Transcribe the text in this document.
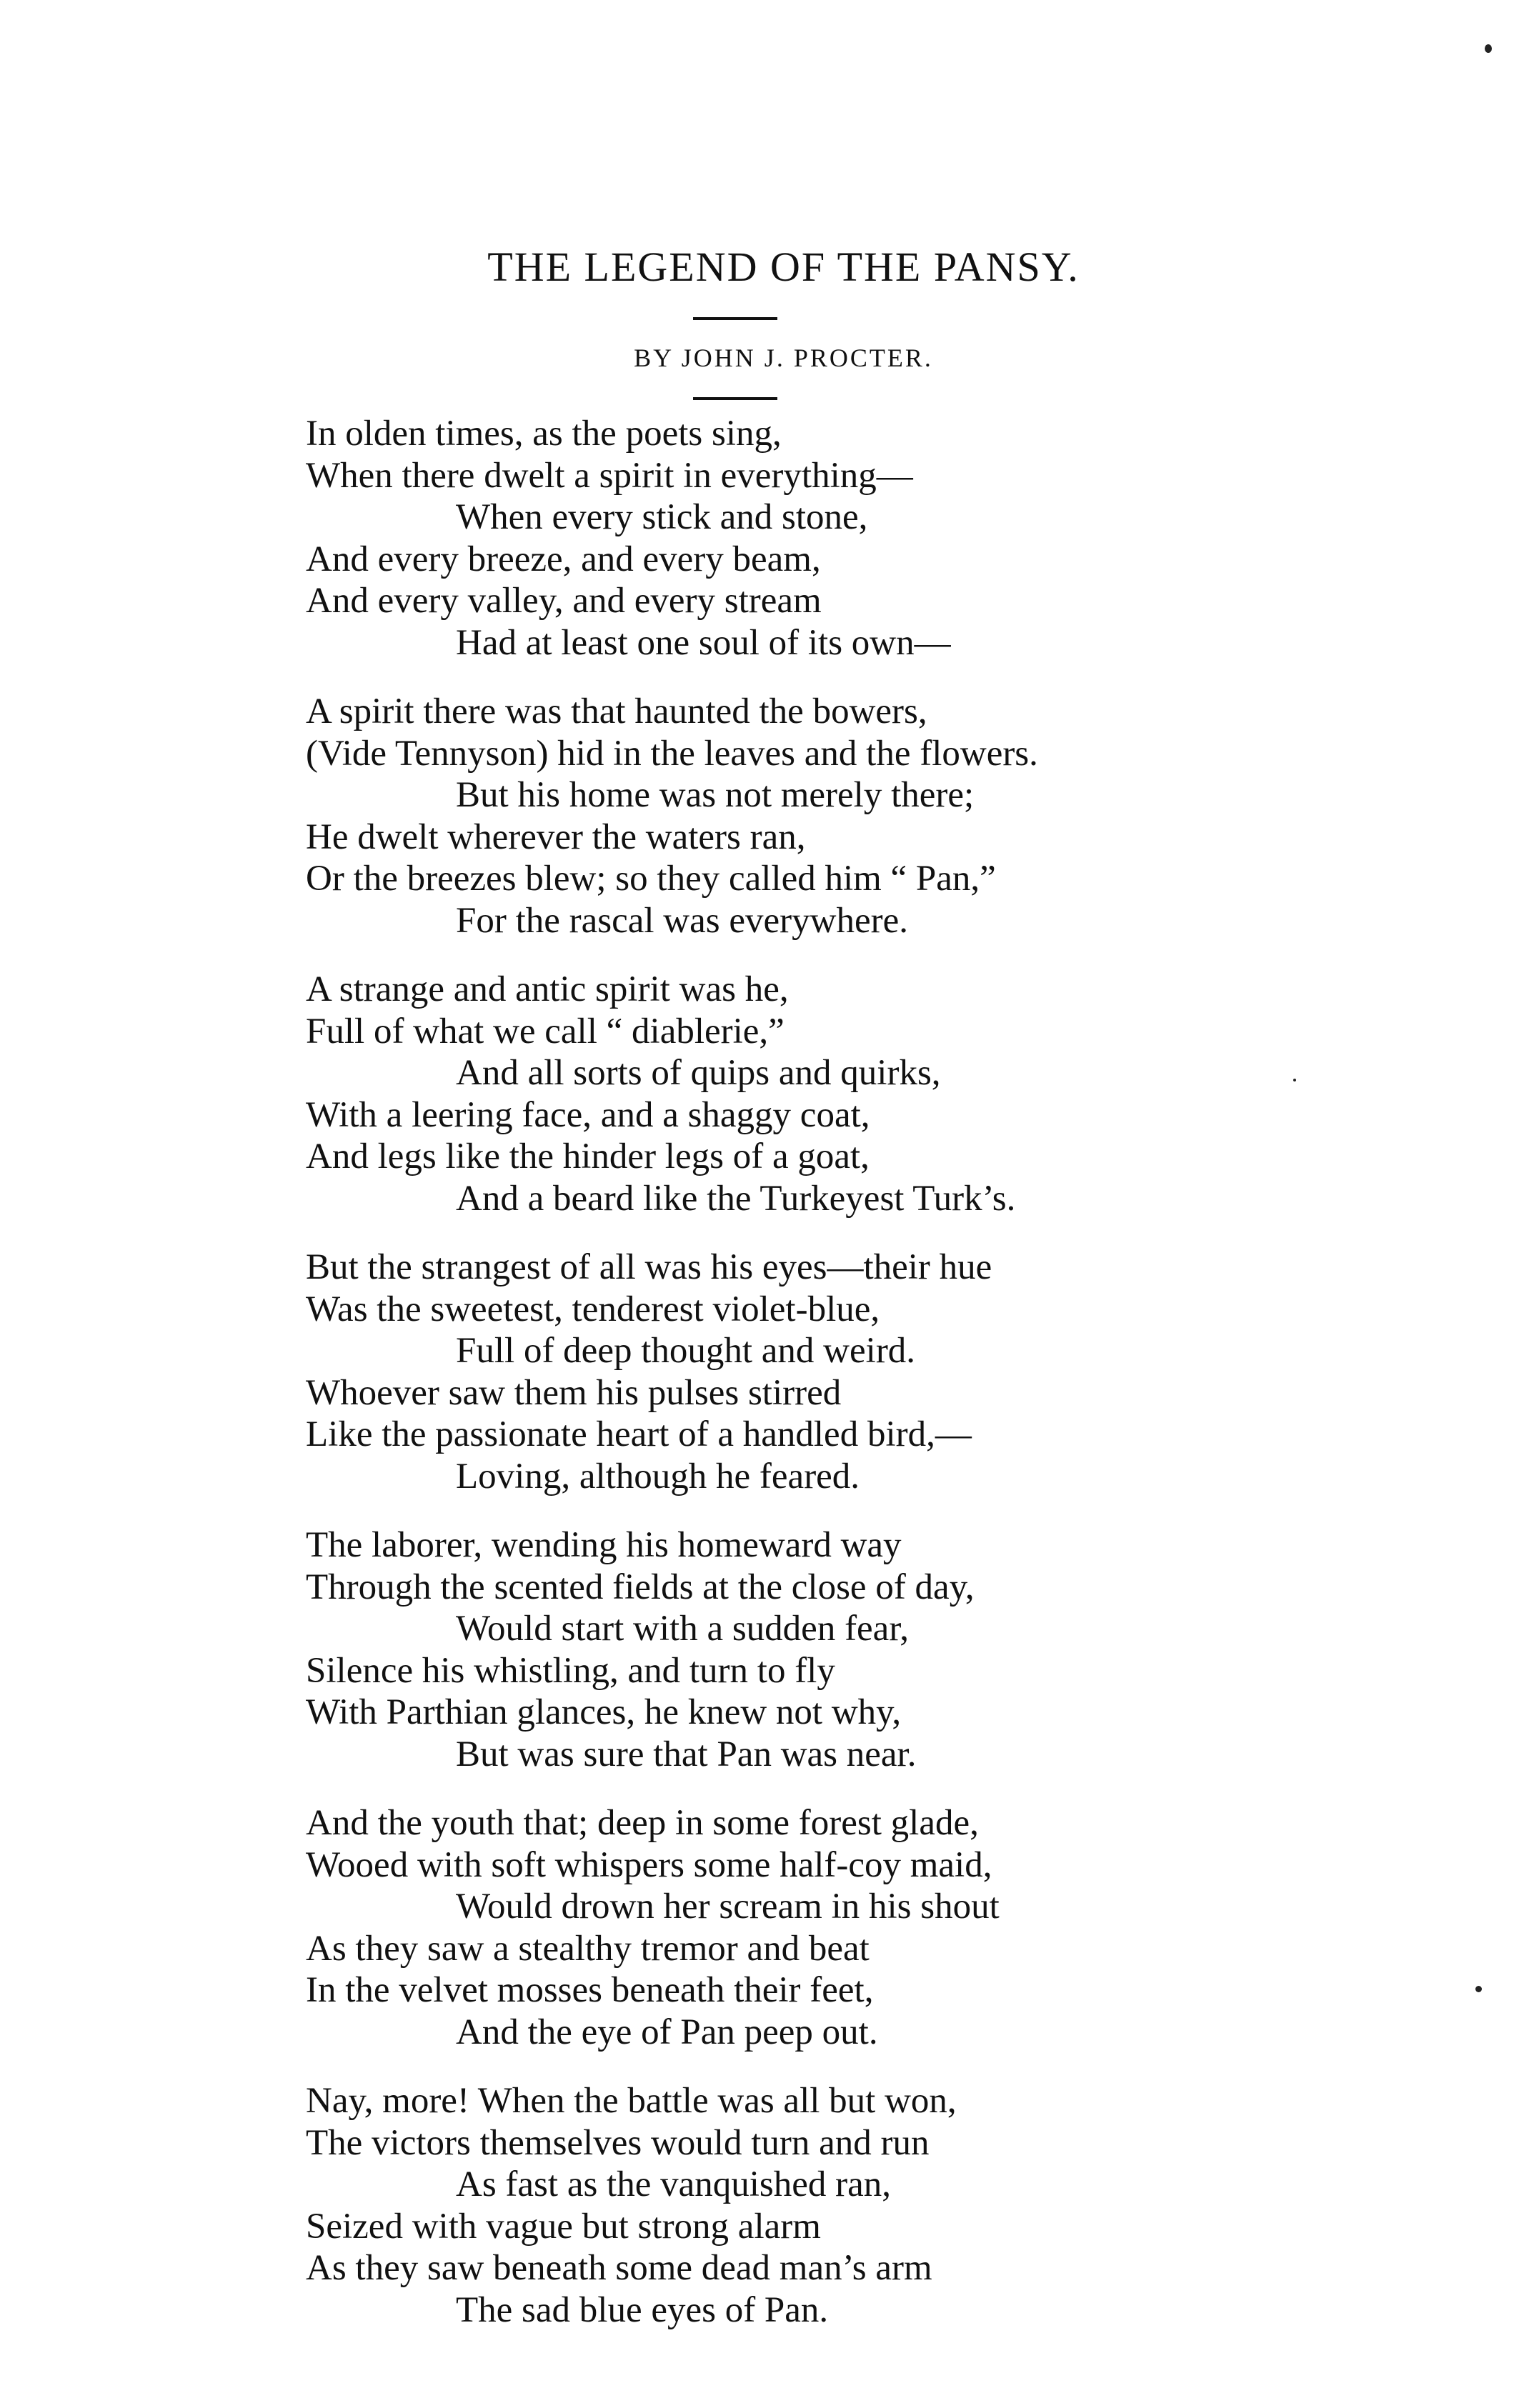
THE LEGEND OF THE PANSY.
BY JOHN J. PROCTER.
In olden times, as the poets sing,
When there dwelt a spirit in everything—
When every stick and stone,
And every breeze, and every beam,
And every valley, and every stream
Had at least one soul of its own—
A spirit there was that haunted the bowers,
(Vide Tennyson) hid in the leaves and the flowers.
But his home was not merely there;
He dwelt wherever the waters ran,
Or the breezes blew; so they called him “ Pan,”
For the rascal was everywhere.
A strange and antic spirit was he,
Full of what we call “ diablerie,”
And all sorts of quips and quirks,
With a leering face, and a shaggy coat,
And legs like the hinder legs of a goat,
And a beard like the Turkeyest Turk’s.
But the strangest of all was his eyes—their hue
Was the sweetest, tenderest violet-blue,
Full of deep thought and weird.
Whoever saw them his pulses stirred
Like the passionate heart of a handled bird,—
Loving, although he feared.
The laborer, wending his homeward way
Through the scented fields at the close of day,
Would start with a sudden fear,
Silence his whistling, and turn to fly
With Parthian glances, he knew not why,
But was sure that Pan was near.
And the youth that; deep in some forest glade,
Wooed with soft whispers some half-coy maid,
Would drown her scream in his shout
As they saw a stealthy tremor and beat
In the velvet mosses beneath their feet,
And the eye of Pan peep out.
Nay, more! When the battle was all but won,
The victors themselves would turn and run
As fast as the vanquished ran,
Seized with vague but strong alarm
As they saw beneath some dead man’s arm
The sad blue eyes of Pan.
